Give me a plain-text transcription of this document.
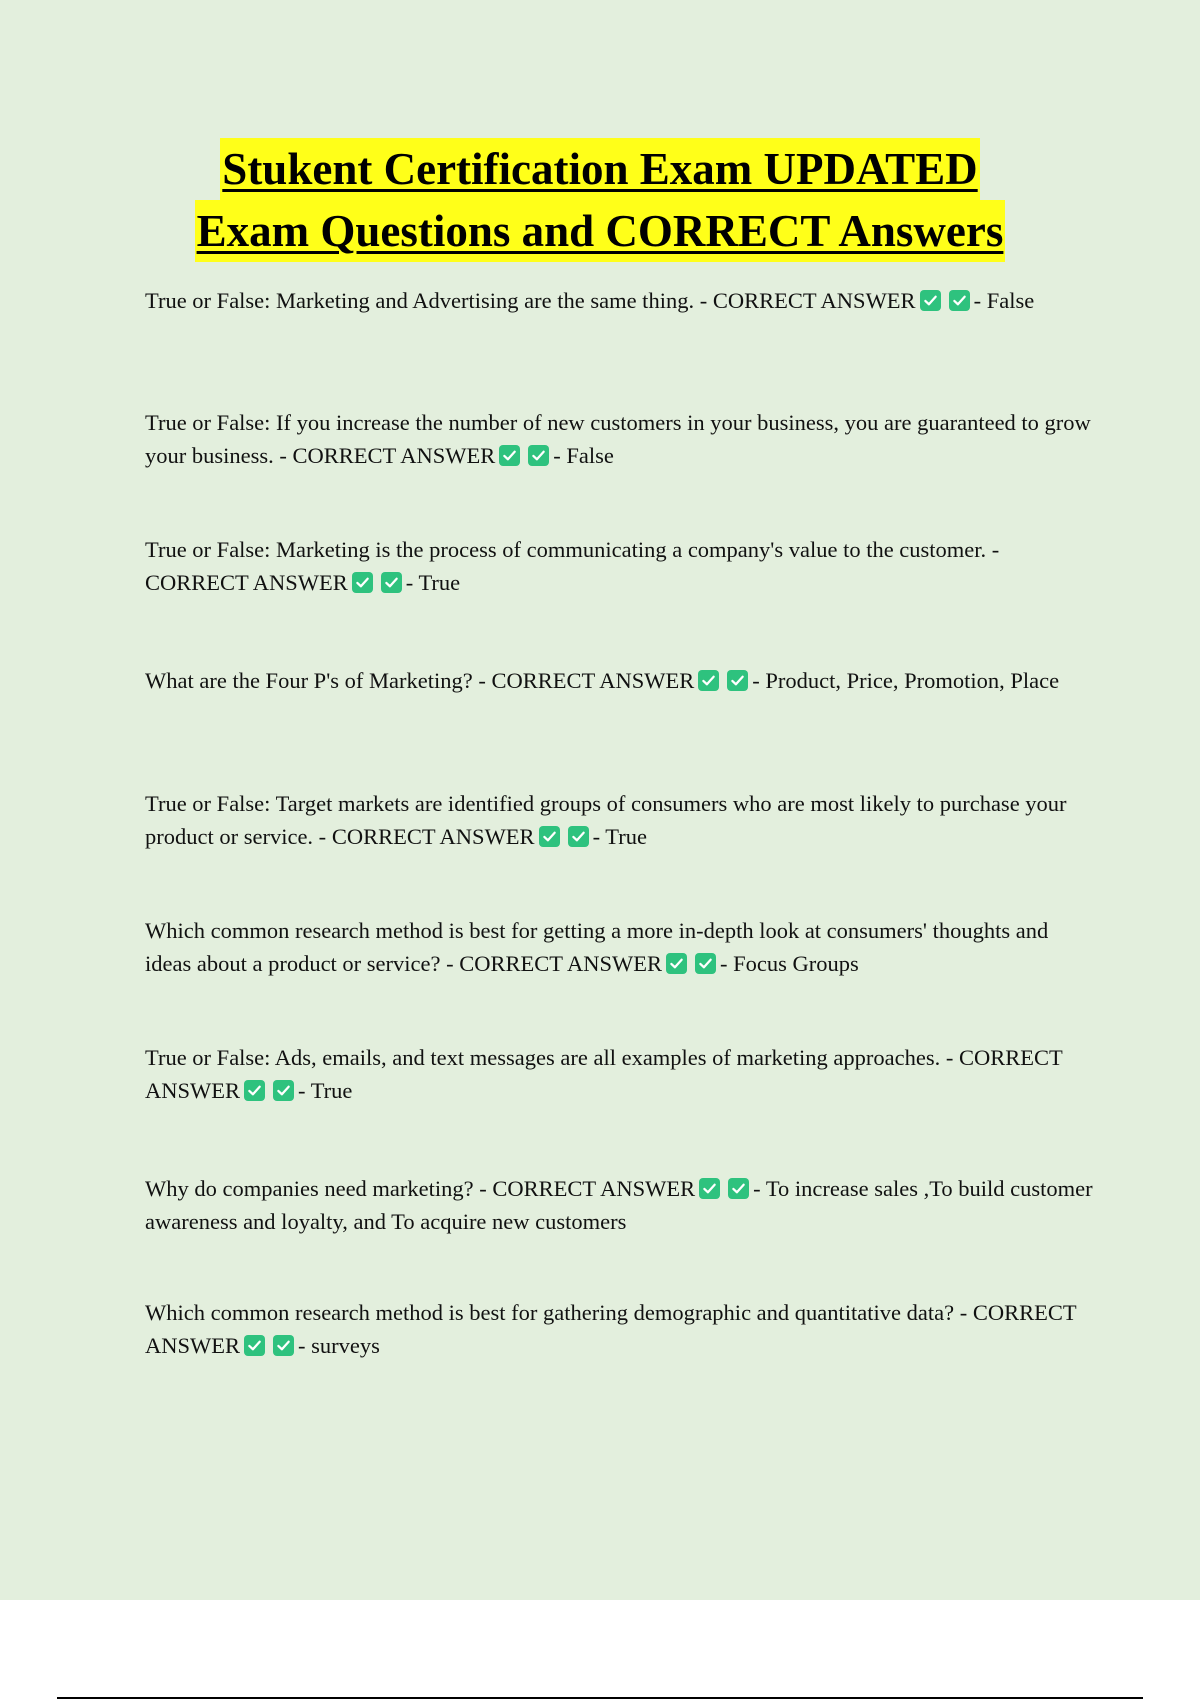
Stukent Certification Exam UPDATED
Exam Questions and CORRECT Answers

True or False: Marketing and Advertising are the same thing. - CORRECT ANSWER	- False

True or False: If you increase the number of new customers in your business, you are guaranteed to grow your business. - CORRECT ANSWER	- False

True or False: Marketing is the process of communicating a company's value to the customer. - CORRECT ANSWER	- True

What are the Four P's of Marketing? - CORRECT ANSWER	- Product, Price, Promotion, Place

True or False: Target markets are identified groups of consumers who are most likely to purchase your product or service. - CORRECT ANSWER	- True

Which common research method is best for getting a more in-depth look at consumers' thoughts and ideas about a product or service? - CORRECT ANSWER	- Focus Groups

True or False: Ads, emails, and text messages are all examples of marketing approaches. - CORRECT ANSWER	- True

Why do companies need marketing? - CORRECT ANSWER	- To increase sales ,To build customer awareness and loyalty, and To acquire new customers

Which common research method is best for gathering demographic and quantitative data? - CORRECT ANSWER	- surveys
